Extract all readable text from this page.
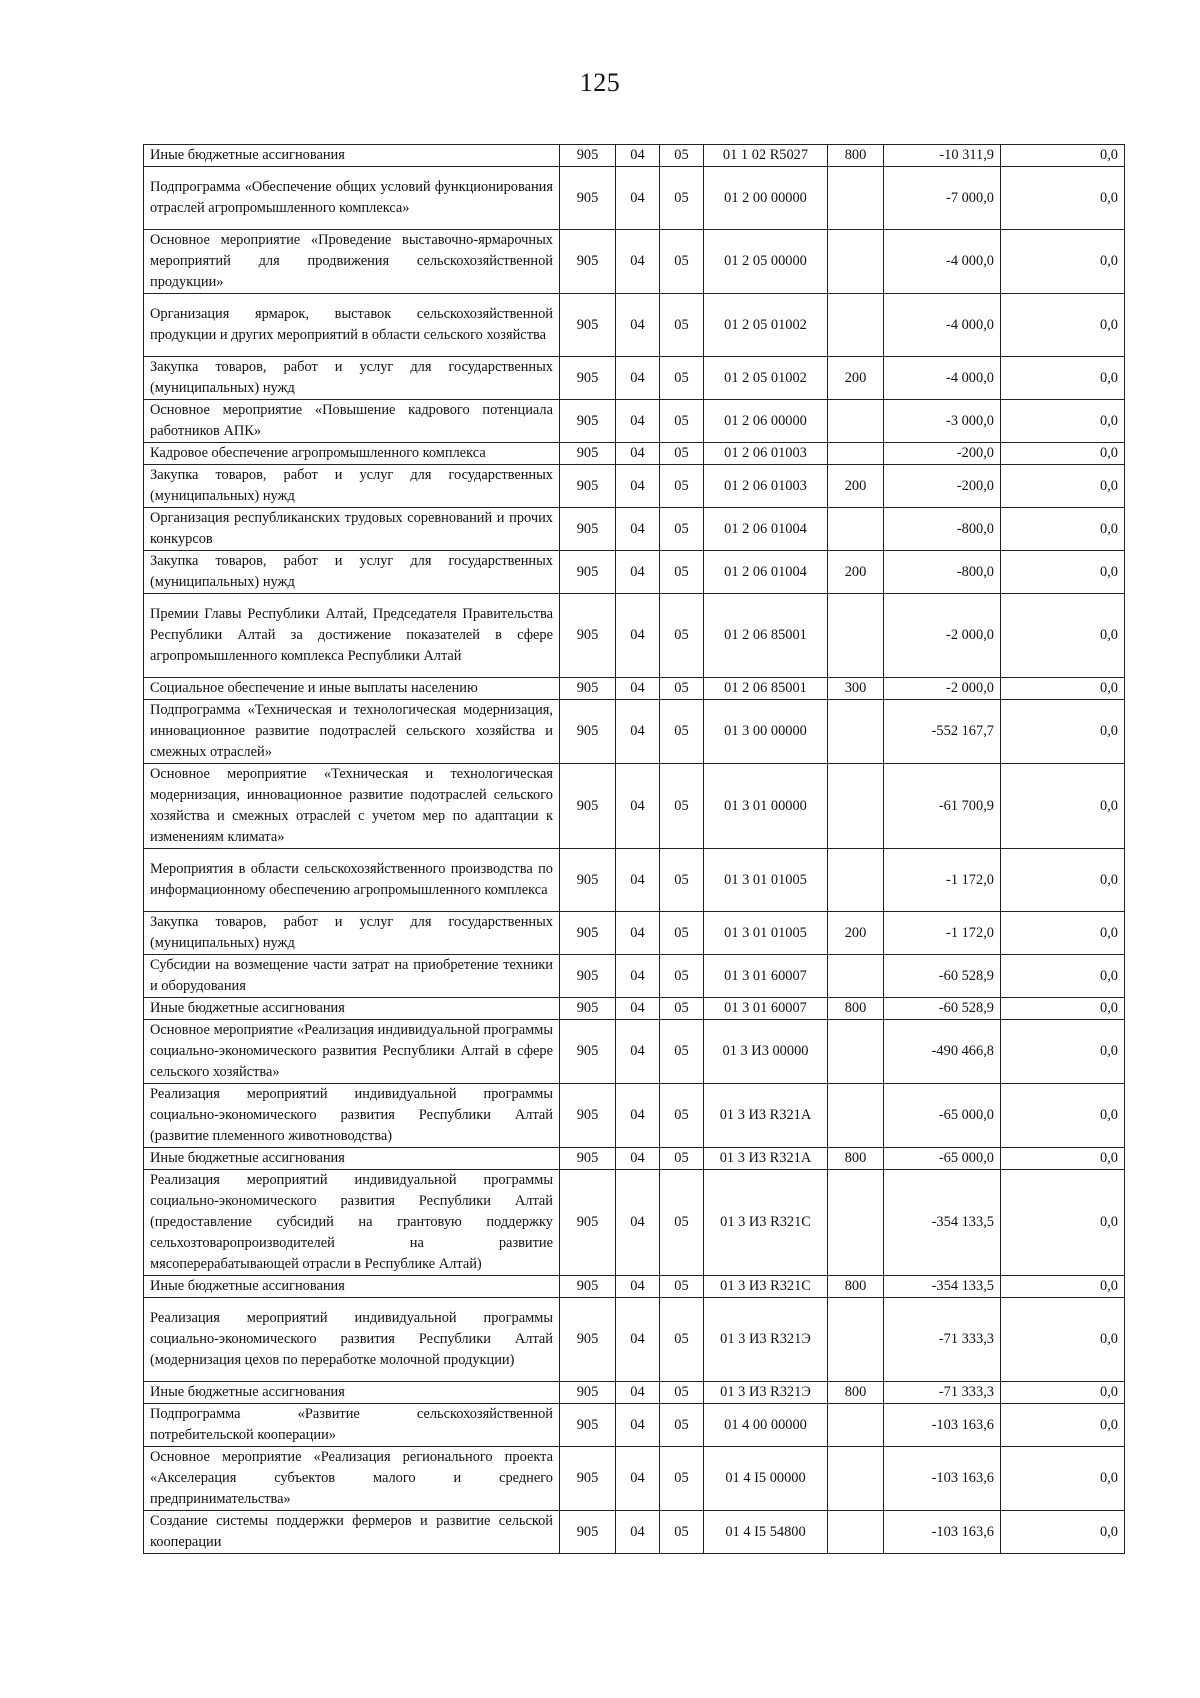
125
Иные бюджетные ассигнования	905	04	05	01 1 02 R5027	800	-10 311,9	0,0
Подпрограмма «Обеспечение общих условий функционирования отраслей агропромышленного комплекса»	905	04	05	01 2 00 00000		-7 000,0	0,0
Основное мероприятие «Проведение выставочно-ярмарочных мероприятий для продвижения сельскохозяйственной продукции»	905	04	05	01 2 05 00000		-4 000,0	0,0
Организация ярмарок, выставок сельскохозяйственной продукции и других мероприятий в области сельского хозяйства	905	04	05	01 2 05 01002		-4 000,0	0,0
Закупка товаров, работ и услуг для государственных (муниципальных) нужд	905	04	05	01 2 05 01002	200	-4 000,0	0,0
Основное мероприятие «Повышение кадрового потенциала работников АПК»	905	04	05	01 2 06 00000		-3 000,0	0,0
Кадровое обеспечение агропромышленного комплекса	905	04	05	01 2 06 01003		-200,0	0,0
Закупка товаров, работ и услуг для государственных (муниципальных) нужд	905	04	05	01 2 06 01003	200	-200,0	0,0
Организация республиканских трудовых соревнований и прочих конкурсов	905	04	05	01 2 06 01004		-800,0	0,0
Закупка товаров, работ и услуг для государственных (муниципальных) нужд	905	04	05	01 2 06 01004	200	-800,0	0,0
Премии Главы Республики Алтай, Председателя Правительства Республики Алтай за достижение показателей в сфере агропромышленного комплекса Республики Алтай	905	04	05	01 2 06 85001		-2 000,0	0,0
Социальное обеспечение и иные выплаты населению	905	04	05	01 2 06 85001	300	-2 000,0	0,0
Подпрограмма «Техническая и технологическая модернизация, инновационное развитие подотраслей сельского хозяйства и смежных отраслей»	905	04	05	01 3 00 00000		-552 167,7	0,0
Основное мероприятие «Техническая и технологическая модернизация, инновационное развитие подотраслей сельского хозяйства и смежных отраслей с учетом мер по адаптации к изменениям климата»	905	04	05	01 3 01 00000		-61 700,9	0,0
Мероприятия в области сельскохозяйственного производства по информационному обеспечению агропромышленного комплекса	905	04	05	01 3 01 01005		-1 172,0	0,0
Закупка товаров, работ и услуг для государственных (муниципальных) нужд	905	04	05	01 3 01 01005	200	-1 172,0	0,0
Субсидии на возмещение части затрат на приобретение техники и оборудования	905	04	05	01 3 01 60007		-60 528,9	0,0
Иные бюджетные ассигнования	905	04	05	01 3 01 60007	800	-60 528,9	0,0
Основное мероприятие «Реализация индивидуальной программы социально-экономического развития Республики Алтай в сфере сельского хозяйства»	905	04	05	01 3 И3 00000		-490 466,8	0,0
Реализация мероприятий индивидуальной программы социально-экономического развития Республики Алтай (развитие племенного животноводства)	905	04	05	01 3 И3 R321А		-65 000,0	0,0
Иные бюджетные ассигнования	905	04	05	01 3 И3 R321А	800	-65 000,0	0,0
Реализация мероприятий индивидуальной программы социально-экономического развития Республики Алтай (предоставление субсидий на грантовую поддержку сельхозтоваропроизводителей на развитие мясоперерабатывающей отрасли в Республике Алтай)	905	04	05	01 3 И3 R321С		-354 133,5	0,0
Иные бюджетные ассигнования	905	04	05	01 3 И3 R321С	800	-354 133,5	0,0
Реализация мероприятий индивидуальной программы социально-экономического развития Республики Алтай (модернизация цехов по переработке молочной продукции)	905	04	05	01 3 И3 R321Э		-71 333,3	0,0
Иные бюджетные ассигнования	905	04	05	01 3 И3 R321Э	800	-71 333,3	0,0
Подпрограмма «Развитие сельскохозяйственной потребительской кооперации»	905	04	05	01 4 00 00000		-103 163,6	0,0
Основное мероприятие «Реализация регионального проекта «Акселерация субъектов малого и среднего предпринимательства»	905	04	05	01 4 I5 00000		-103 163,6	0,0
Создание системы поддержки фермеров и развитие сельской кооперации	905	04	05	01 4 I5 54800		-103 163,6	0,0
